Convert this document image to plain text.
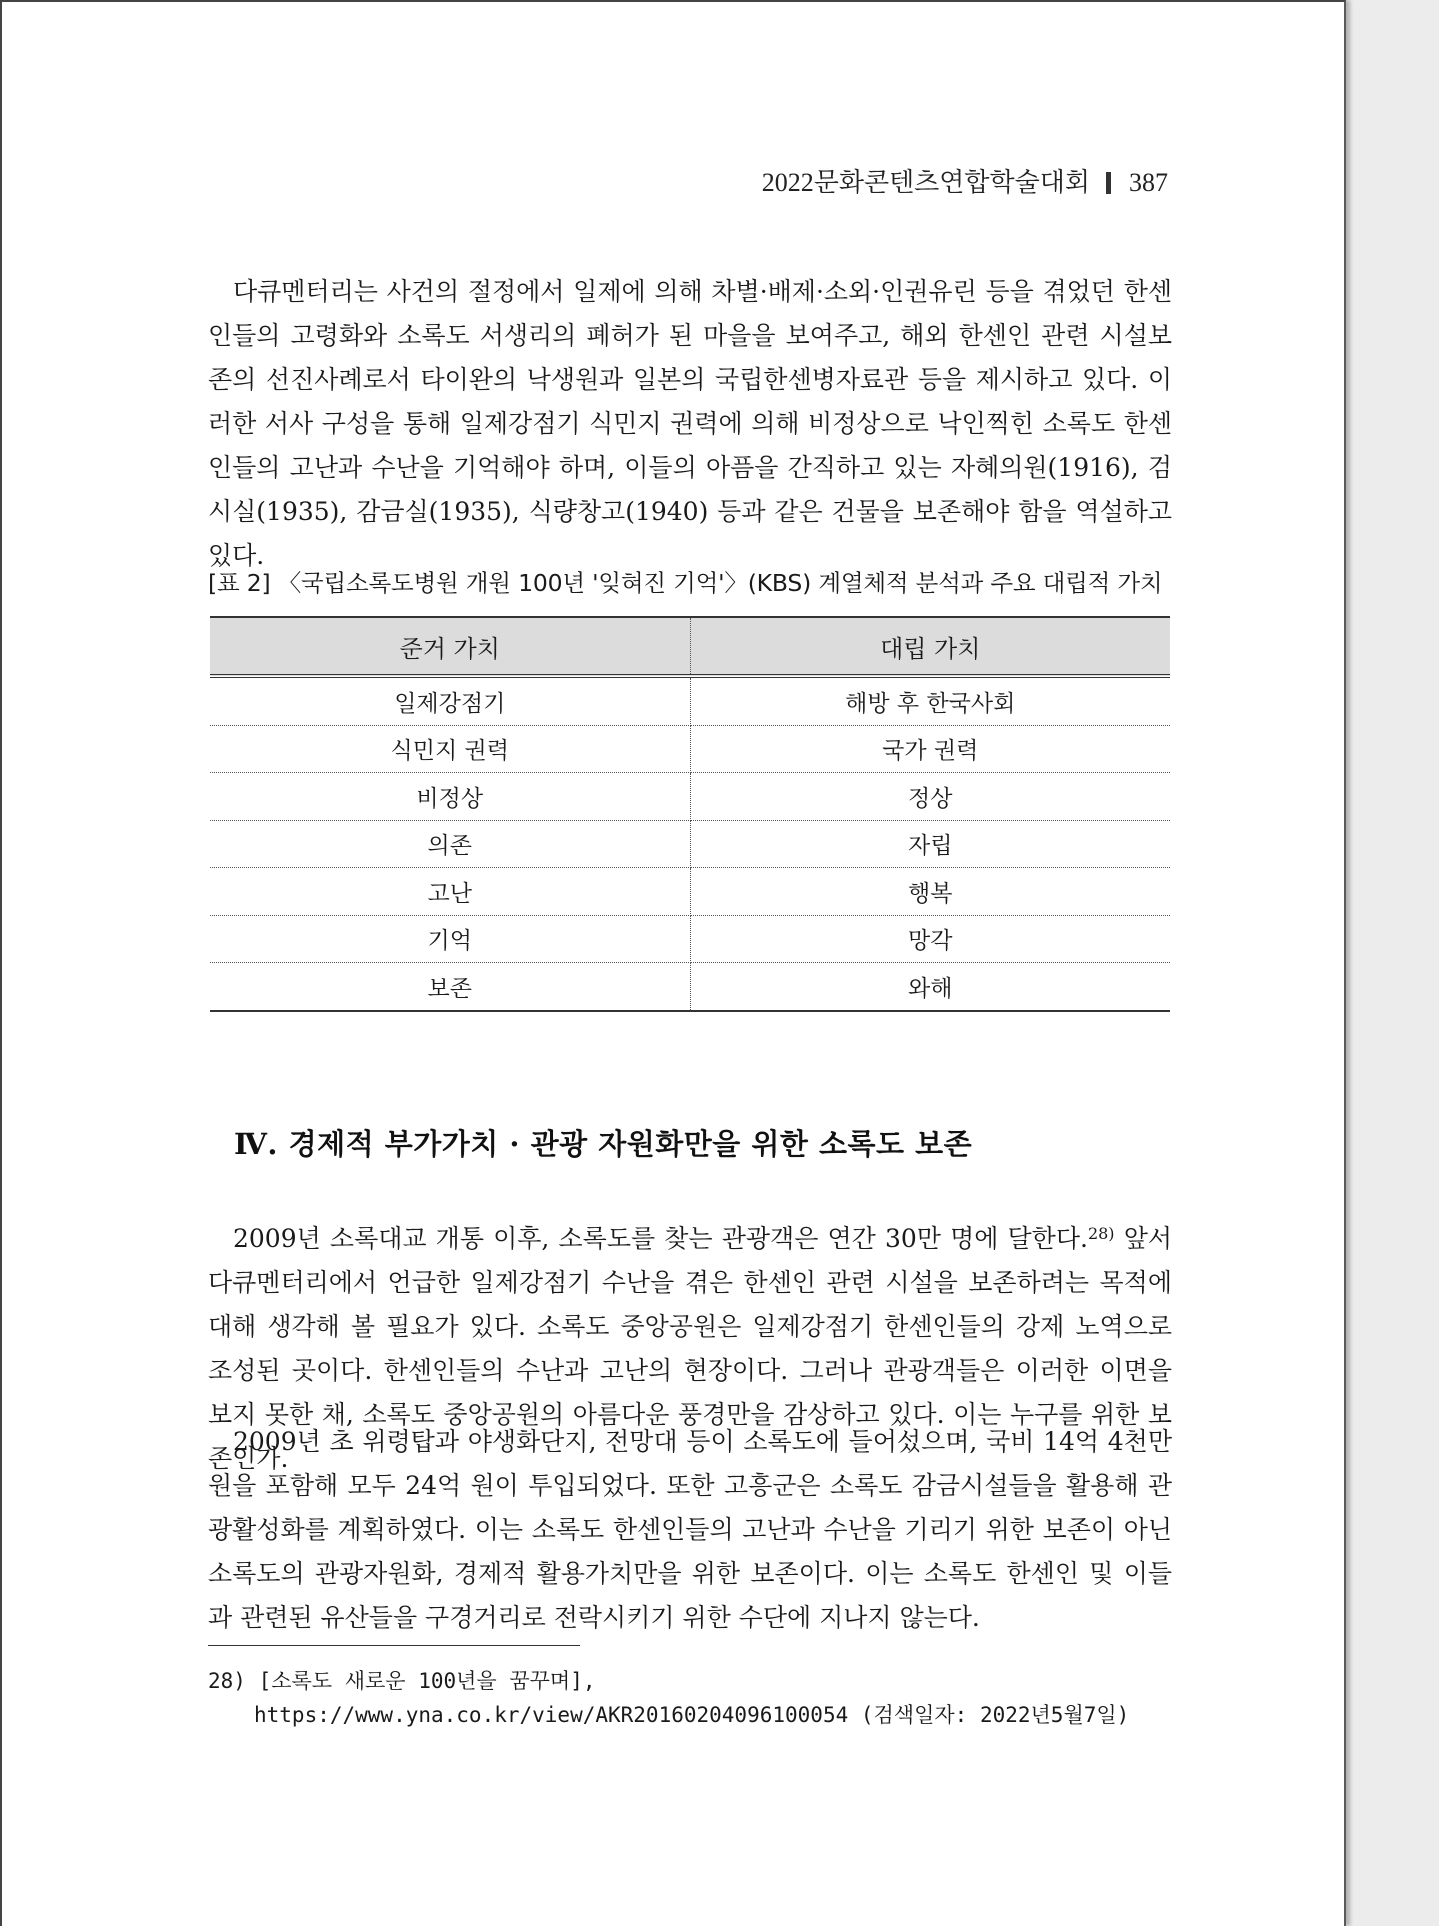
2022문화콘텐츠연합학술대회 387

다큐멘터리는 사건의 절정에서 일제에 의해 차별·배제·소외·인권유린 등을 겪었던 한센인들의 고령화와 소록도 서생리의 폐허가 된 마을을 보여주고, 해외 한센인 관련 시설보존의 선진사례로서 타이완의 낙생원과 일본의 국립한센병자료관 등을 제시하고 있다. 이러한 서사 구성을 통해 일제강점기 식민지 권력에 의해 비정상으로 낙인찍힌 소록도 한센인들의 고난과 수난을 기억해야 하며, 이들의 아픔을 간직하고 있는 자혜의원(1916), 검시실(1935), 감금실(1935), 식량창고(1940) 등과 같은 건물을 보존해야 함을 역설하고 있다.

[표 2] 〈국립소록도병원 개원 100년 '잊혀진 기억'〉(KBS) 계열체적 분석과 주요 대립적 가치
준거 가치	대립 가치
일제강점기	해방 후 한국사회
식민지 권력	국가 권력
비정상	정상
의존	자립
고난	행복
기억	망각
보존	와해
Ⅳ. 경제적 부가가치 · 관광 자원화만을 위한 소록도 보존
2009년 소록대교 개통 이후, 소록도를 찾는 관광객은 연간 30만 명에 달한다.$^{28)}$ 앞서 다큐멘터리에서 언급한 일제강점기 수난을 겪은 한센인 관련 시설을 보존하려는 목적에 대해 생각해 볼 필요가 있다. 소록도 중앙공원은 일제강점기 한센인들의 강제 노역으로 조성된 곳이다. 한센인들의 수난과 고난의 현장이다. 그러나 관광객들은 이러한 이면을 보지 못한 채, 소록도 중앙공원의 아름다운 풍경만을 감상하고 있다. 이는 누구를 위한 보존인가.

2009년 초 위령탑과 야생화단지, 전망대 등이 소록도에 들어섰으며, 국비 14억 4천만 원을 포함해 모두 24억 원이 투입되었다. 또한 고흥군은 소록도 감금시설들을 활용해 관광활성화를 계획하였다. 이는 소록도 한센인들의 고난과 수난을 기리기 위한 보존이 아닌 소록도의 관광자원화, 경제적 활용가치만을 위한 보존이다. 이는 소록도 한센인 및 이들과 관련된 유산들을 구경거리로 전락시키기 위한 수단에 지나지 않는다.

28) [소록도 새로운 100년을 꿈꾸며],
https://www.yna.co.kr/view/AKR20160204096100054 (검색일자: 2022년5월7일)
